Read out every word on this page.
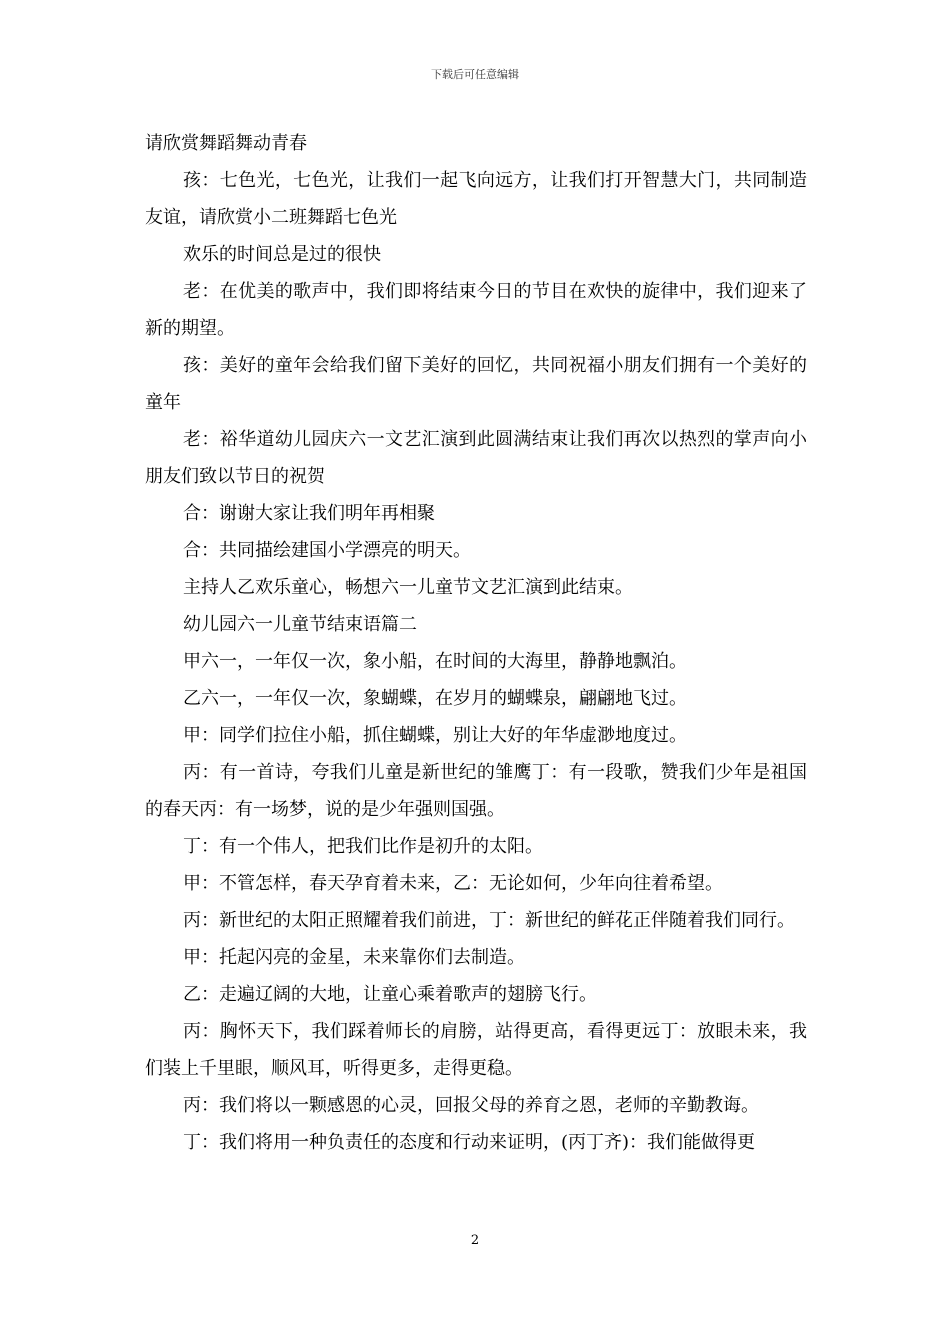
下载后可任意编辑

请欣赏舞蹈舞动青春

孩：七色光，七色光，让我们一起飞向远方，让我们打开智慧大门，共同制造友谊，请欣赏小二班舞蹈七色光

欢乐的时间总是过的很快

老：在优美的歌声中，我们即将结束今日的节目在欢快的旋律中，我们迎来了新的期望。

孩：美好的童年会给我们留下美好的回忆，共同祝福小朋友们拥有一个美好的童年

老：裕华道幼儿园庆六一文艺汇演到此圆满结束让我们再次以热烈的掌声向小朋友们致以节日的祝贺

合：谢谢大家让我们明年再相聚

合：共同描绘建国小学漂亮的明天。

主持人乙欢乐童心，畅想六一儿童节文艺汇演到此结束。

幼儿园六一儿童节结束语篇二

甲六一，一年仅一次，象小船，在时间的大海里，静静地飘泊。

乙六一，一年仅一次，象蝴蝶，在岁月的蝴蝶泉，翩翩地飞过。

甲：同学们拉住小船，抓住蝴蝶，别让大好的年华虚渺地度过。

丙：有一首诗，夸我们儿童是新世纪的雏鹰丁：有一段歌，赞我们少年是祖国的春天丙：有一场梦，说的是少年强则国强。

丁：有一个伟人，把我们比作是初升的太阳。

甲：不管怎样，春天孕育着未来，乙：无论如何，少年向往着希望。

丙：新世纪的太阳正照耀着我们前进，丁：新世纪的鲜花正伴随着我们同行。

甲：托起闪亮的金星，未来靠你们去制造。

乙：走遍辽阔的大地，让童心乘着歌声的翅膀飞行。

丙：胸怀天下，我们踩着师长的肩膀，站得更高，看得更远丁：放眼未来，我们装上千里眼，顺风耳，听得更多，走得更稳。

丙：我们将以一颗感恩的心灵，回报父母的养育之恩，老师的辛勤教诲。

丁：我们将用一种负责任的态度和行动来证明，(丙丁齐)：我们能做得更

2
